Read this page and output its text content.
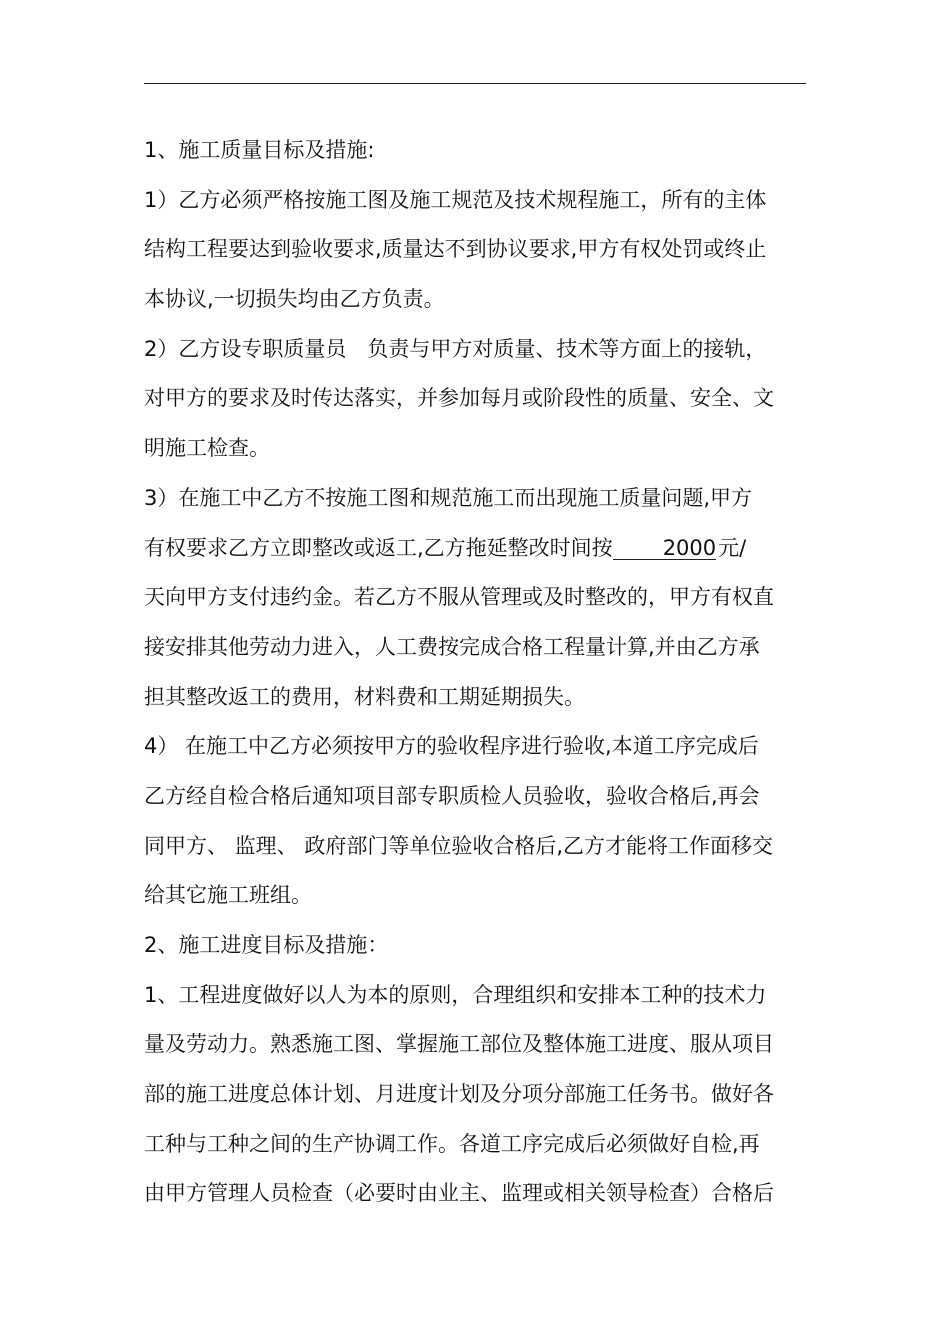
1、施工质量目标及措施:
1）乙方必须严格按施工图及施工规范及技术规程施工，所有的主体
结构工程要达到验收要求,质量达不到协议要求,甲方有权处罚或终止
本协议,一切损失均由乙方负责。
2）乙方设专职质量员　负责与甲方对质量、技术等方面上的接轨，
对甲方的要求及时传达落实，并参加每月或阶段性的质量、安全、文
明施工检查。
3）在施工中乙方不按施工图和规范施工而出现施工质量问题,甲方
有权要求乙方立即整改或返工,乙方拖延整改时间按 2000元/
天向甲方支付违约金。若乙方不服从管理或及时整改的，甲方有权直
接安排其他劳动力进入，人工费按完成合格工程量计算,并由乙方承
担其整改返工的费用，材料费和工期延期损失。
4） 在施工中乙方必须按甲方的验收程序进行验收,本道工序完成后
乙方经自检合格后通知项目部专职质检人员验收，验收合格后,再会
同甲方、 监理、 政府部门等单位验收合格后,乙方才能将工作面移交
给其它施工班组。
2、施工进度目标及措施：
1、工程进度做好以人为本的原则，合理组织和安排本工种的技术力
量及劳动力。熟悉施工图、掌握施工部位及整体施工进度、服从项目
部的施工进度总体计划、月进度计划及分项分部施工任务书。做好各
工种与工种之间的生产协调工作。各道工序完成后必须做好自检,再
由甲方管理人员检查（必要时由业主、监理或相关领导检查）合格后
